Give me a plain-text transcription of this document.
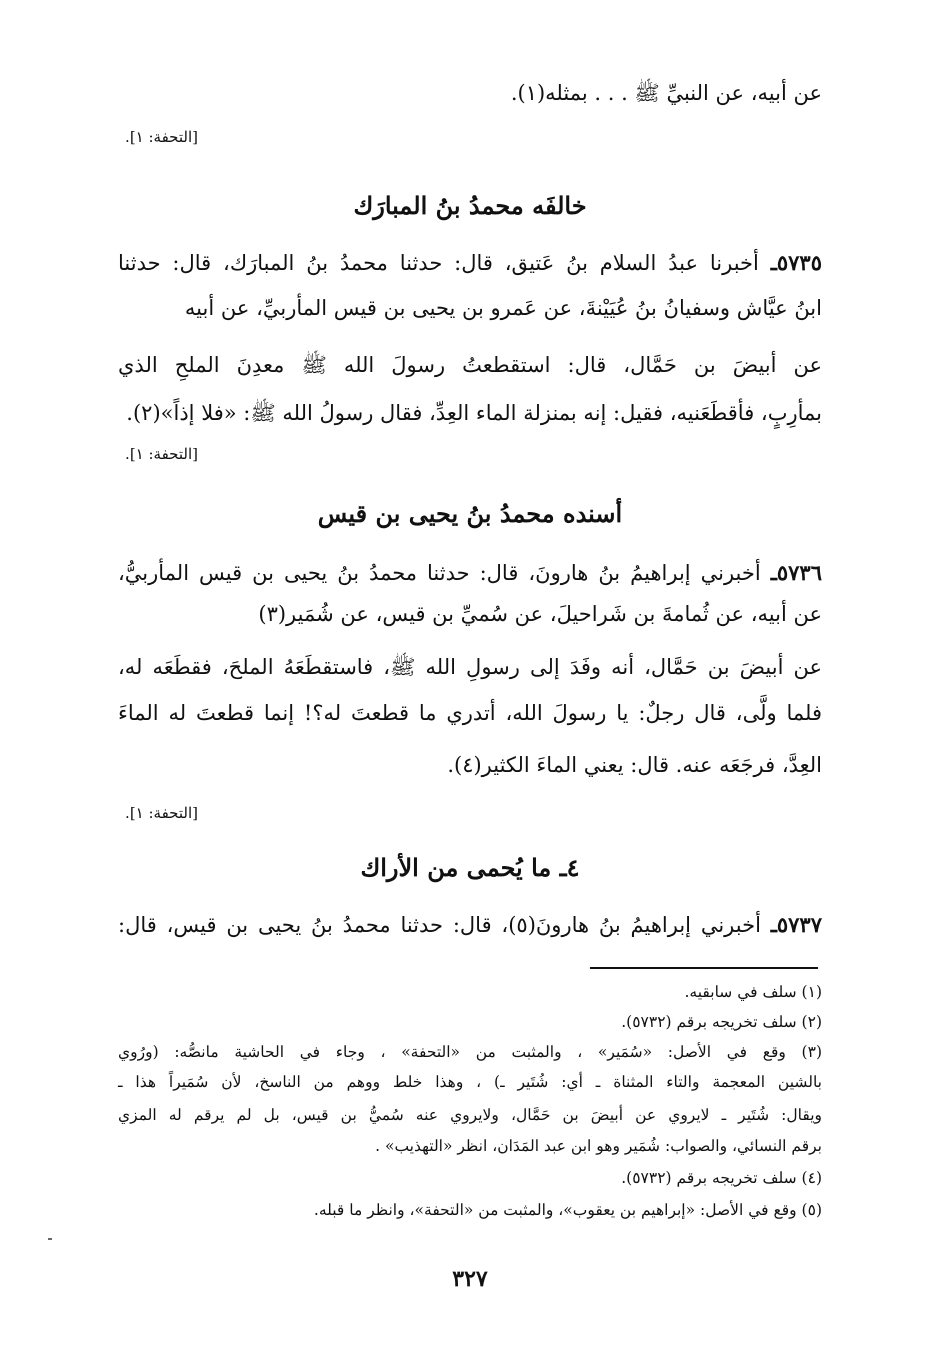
عن أبيه، عن النبيِّ ﷺ . . . بمثله(١).
[التحفة: ١].
خالفَه محمدُ بنُ المبارَك
٥٧٣٥ـ أخبرنا عبدُ السلام بنُ عَتيق، قال: حدثنا محمدُ بنُ المبارَك، قال: حدثنا
ابنُ عيَّاش وسفيانُ بنُ عُيَيْنةَ، عن عَمرو بن يحيى بن قيس المأربيِّ، عن أبيه
عن أبيضَ بن حَمَّال، قال: استقطعتُ رسولَ الله ﷺ معدِنَ الملحِ الذي
بمأرِبٍ، فأقطَعَنيه، فقيل: إنه بمنزلة الماء العِدِّ، فقال رسولُ الله ﷺ: «فلا إذاً»(٢).
[التحفة: ١].
أسنده محمدُ بنُ يحيى بن قيس
٥٧٣٦ـ أخبرني إبراهيمُ بنُ هارونَ، قال: حدثنا محمدُ بنُ يحيى بن قيس المأربيُّ،
عن أبيه، عن ثُمامةَ بن شَراحيلَ، عن سُميِّ بن قيس، عن شُمَير(٣)
عن أبيضَ بن حَمَّال، أنه وفَدَ إلى رسولِ الله ﷺ، فاستقطَعَهُ الملحَ، فقطَعَه له،
فلما ولَّى، قال رجلٌ: يا رسولَ الله، أتدري ما قطعتَ له؟! إنما قطعتَ له الماءَ
العِدَّ، فرجَعَه عنه. قال: يعني الماءَ الكثير(٤).
[التحفة: ١].
٤ـ ما يُحمى من الأراك
٥٧٣٧ـ أخبرني إبراهيمُ بنُ هارونَ(٥)، قال: حدثنا محمدُ بنُ يحيى بن قيس، قال:
(١) سلف في سابقيه.
(٢) سلف تخريجه برقم (٥٧٣٢).
(٣) وقع في الأصل: «سُمَير» ، والمثبت من «التحفة» ، وجاء في الحاشية مانصُّه: (ورُوي
بالشين المعجمة والتاء المثناة ـ أي: شُتَير ـ) ، وهذا خلط ووهم من الناسخ، لأن سُمَيراً هذا ـ
ويقال: شُتَير ـ لايروي عن أبيضَ بن حَمَّال، ولايروي عنه سُميُّ بن قيس، بل لم يرقم له المزي
برقم النسائي، والصواب: شُمَير وهو ابن عبد المَدَان، انظر «التهذيب» .
(٤) سلف تخريجه برقم (٥٧٣٢).
(٥) وقع في الأصل: «إبراهيم بن يعقوب»، والمثبت من «التحفة»، وانظر ما قبله.
٣٢٧
